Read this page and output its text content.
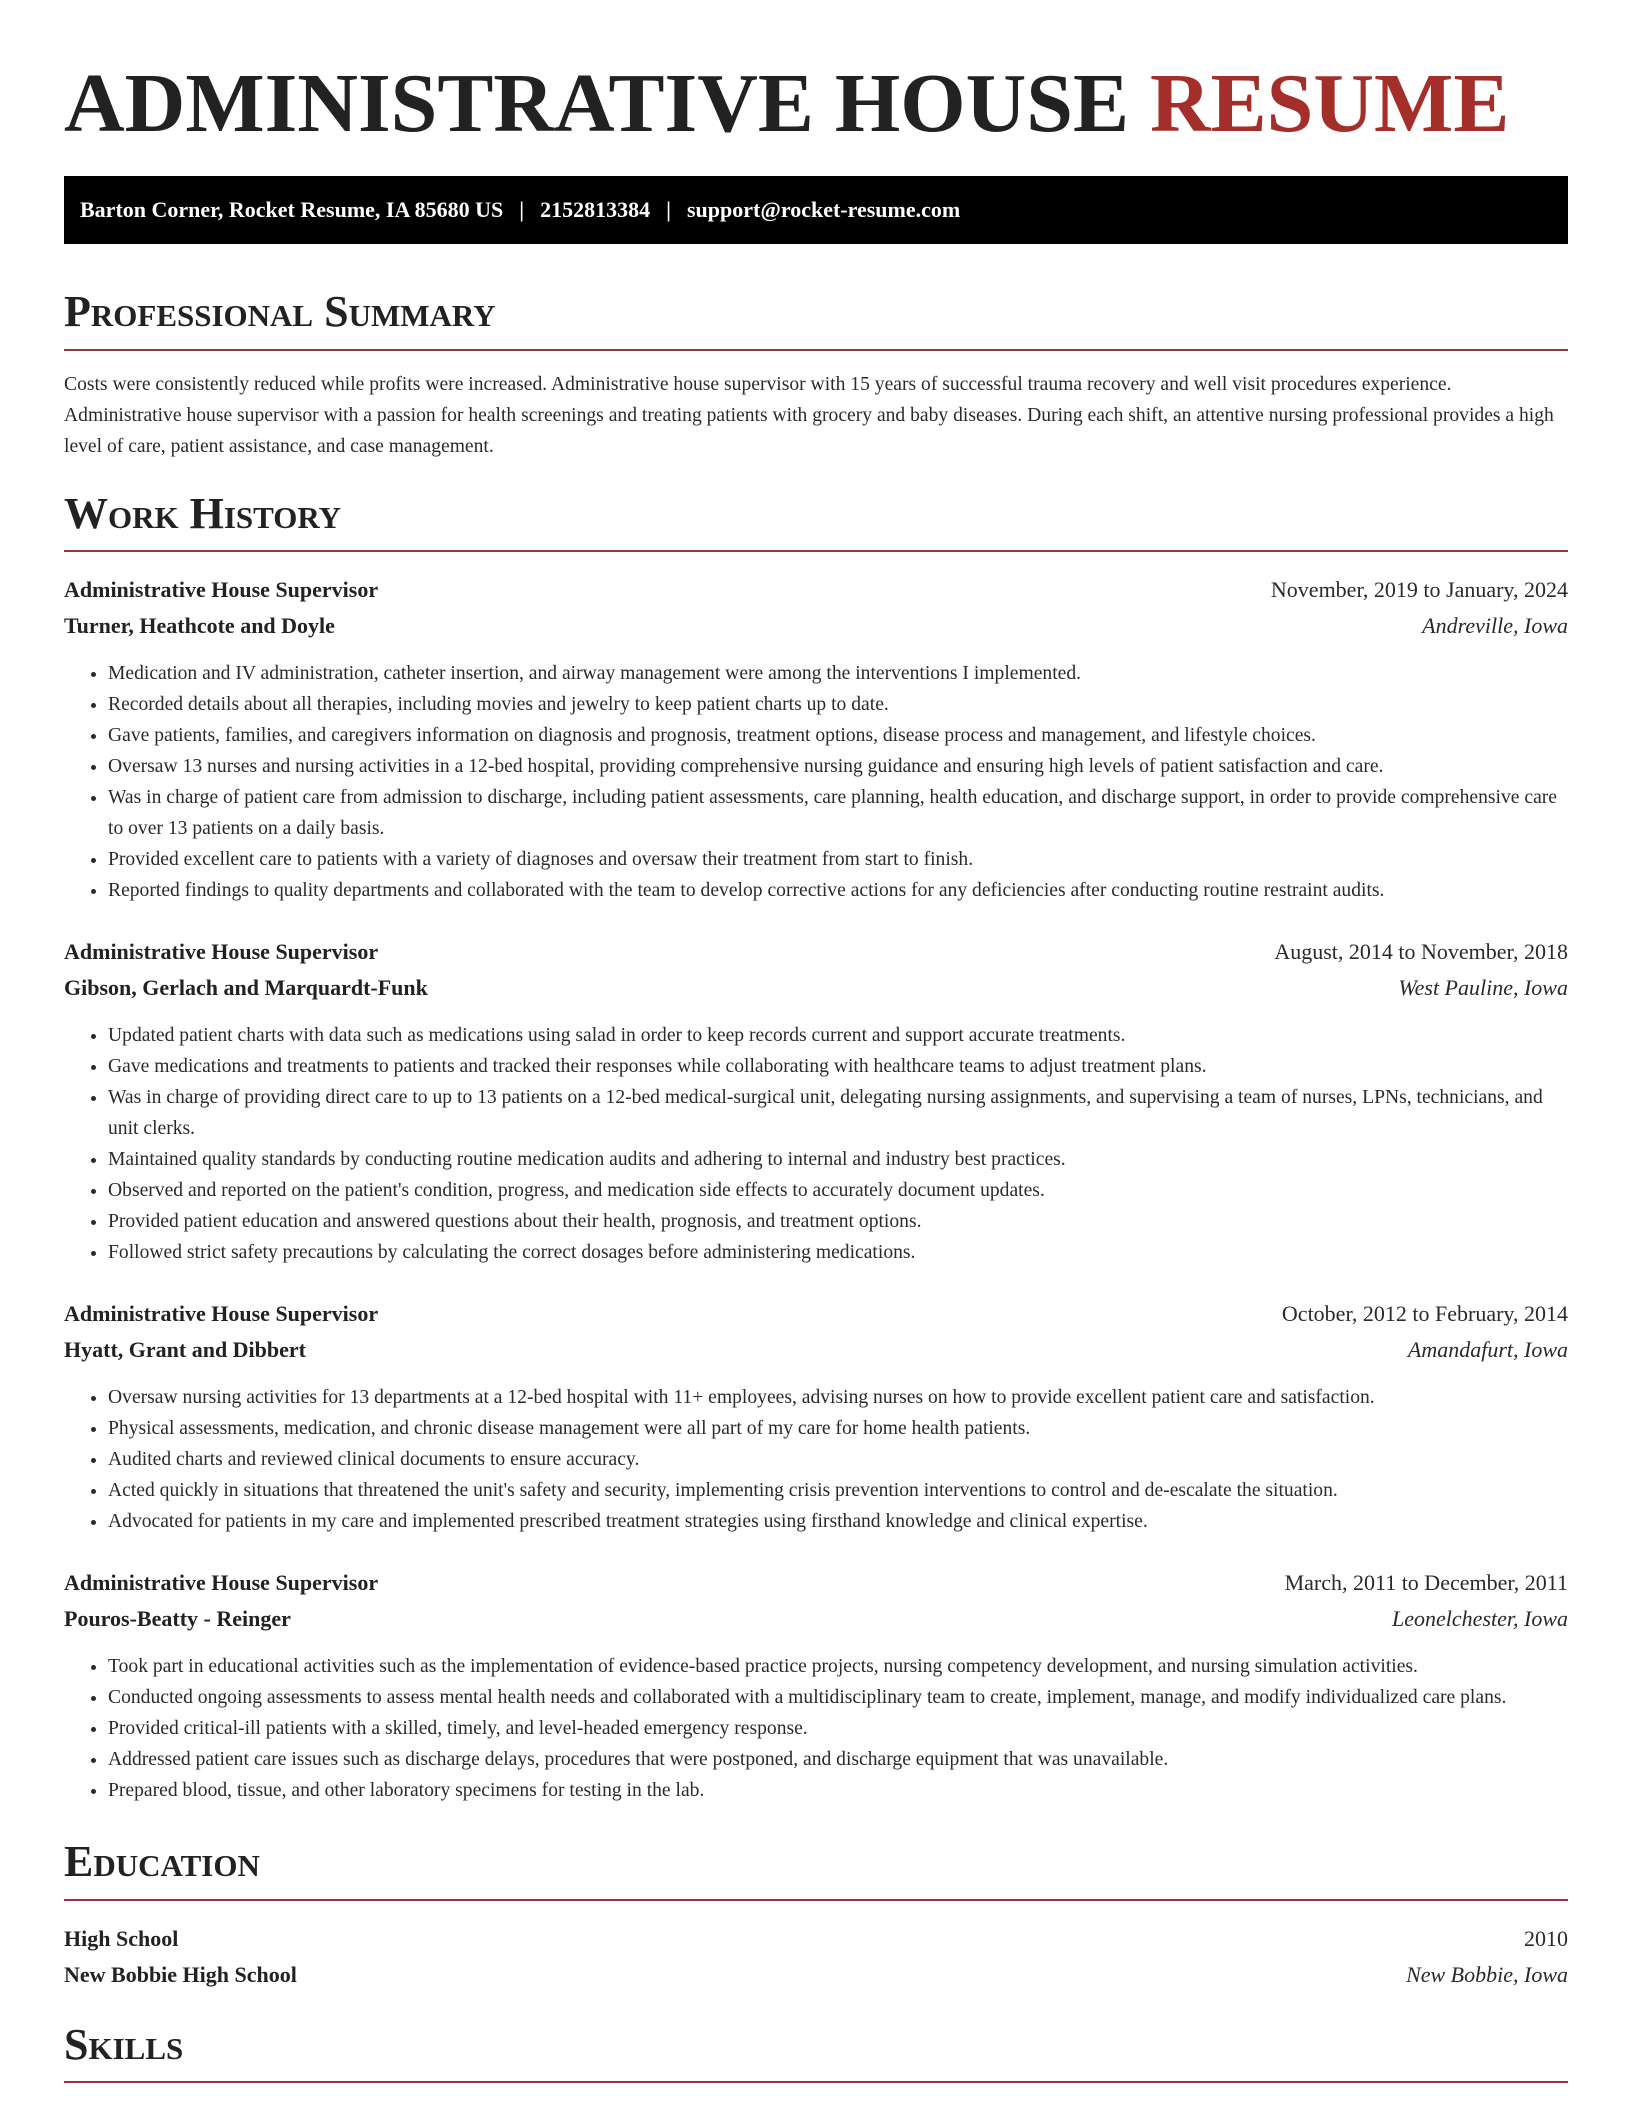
ADMINISTRATIVE HOUSE RESUME
Barton Corner, Rocket Resume, IA 85680 US | 2152813384 | support@rocket-resume.com
Professional Summary

Costs were consistently reduced while profits were increased. Administrative house supervisor with 15 years of successful trauma recovery and well visit procedures experience. Administrative house supervisor with a passion for health screenings and treating patients with grocery and baby diseases. During each shift, an attentive nursing professional provides a high level of care, patient assistance, and case management.

Work History
Administrative House Supervisor	November, 2019 to January, 2024
Turner, Heathcote and Doyle	Andreville, Iowa
• Medication and IV administration, catheter insertion, and airway management were among the interventions I implemented.
• Recorded details about all therapies, including movies and jewelry to keep patient charts up to date.
• Gave patients, families, and caregivers information on diagnosis and prognosis, treatment options, disease process and management, and lifestyle choices.
• Oversaw 13 nurses and nursing activities in a 12-bed hospital, providing comprehensive nursing guidance and ensuring high levels of patient satisfaction and care.
• Was in charge of patient care from admission to discharge, including patient assessments, care planning, health education, and discharge support, in order to provide comprehensive care to over 13 patients on a daily basis.
• Provided excellent care to patients with a variety of diagnoses and oversaw their treatment from start to finish.
• Reported findings to quality departments and collaborated with the team to develop corrective actions for any deficiencies after conducting routine restraint audits.
Administrative House Supervisor	August, 2014 to November, 2018
Gibson, Gerlach and Marquardt-Funk	West Pauline, Iowa
• Updated patient charts with data such as medications using salad in order to keep records current and support accurate treatments.
• Gave medications and treatments to patients and tracked their responses while collaborating with healthcare teams to adjust treatment plans.
• Was in charge of providing direct care to up to 13 patients on a 12-bed medical-surgical unit, delegating nursing assignments, and supervising a team of nurses, LPNs, technicians, and unit clerks.
• Maintained quality standards by conducting routine medication audits and adhering to internal and industry best practices.
• Observed and reported on the patient's condition, progress, and medication side effects to accurately document updates.
• Provided patient education and answered questions about their health, prognosis, and treatment options.
• Followed strict safety precautions by calculating the correct dosages before administering medications.
Administrative House Supervisor	October, 2012 to February, 2014
Hyatt, Grant and Dibbert	Amandafurt, Iowa
• Oversaw nursing activities for 13 departments at a 12-bed hospital with 11+ employees, advising nurses on how to provide excellent patient care and satisfaction.
• Physical assessments, medication, and chronic disease management were all part of my care for home health patients.
• Audited charts and reviewed clinical documents to ensure accuracy.
• Acted quickly in situations that threatened the unit's safety and security, implementing crisis prevention interventions to control and de-escalate the situation.
• Advocated for patients in my care and implemented prescribed treatment strategies using firsthand knowledge and clinical expertise.
Administrative House Supervisor	March, 2011 to December, 2011
Pouros-Beatty - Reinger	Leonelchester, Iowa
• Took part in educational activities such as the implementation of evidence-based practice projects, nursing competency development, and nursing simulation activities.
• Conducted ongoing assessments to assess mental health needs and collaborated with a multidisciplinary team to create, implement, manage, and modify individualized care plans.
• Provided critical-ill patients with a skilled, timely, and level-headed emergency response.
• Addressed patient care issues such as discharge delays, procedures that were postponed, and discharge equipment that was unavailable.
• Prepared blood, tissue, and other laboratory specimens for testing in the lab.
Education
High School	2010
New Bobbie High School	New Bobbie, Iowa
Skills
